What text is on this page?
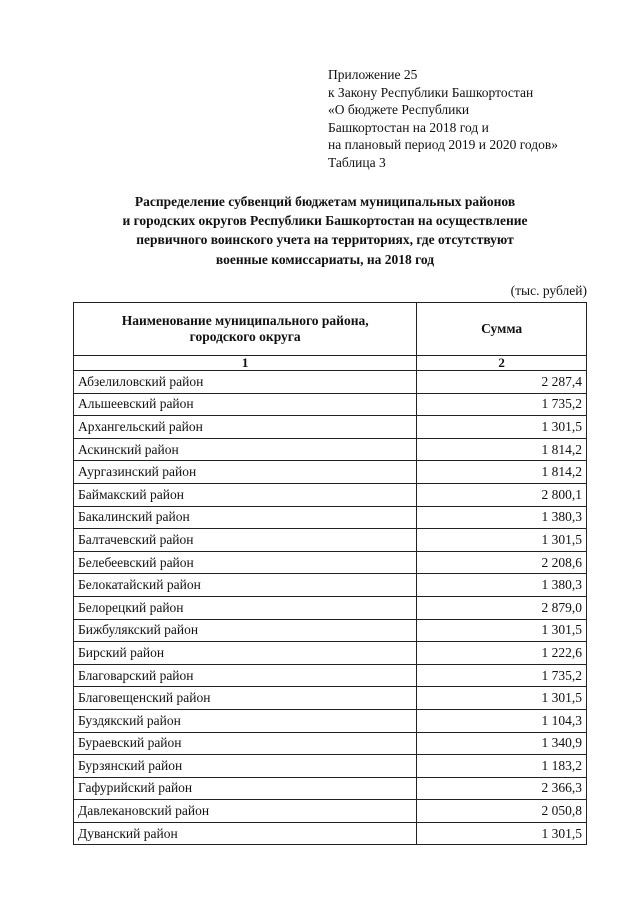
Приложение 25
к Закону Республики Башкортостан
«О бюджете Республики
Башкортостан на 2018 год и
на плановый период 2019 и 2020 годов»
Таблица 3
Распределение субвенций бюджетам муниципальных районов
и городских округов Республики Башкортостан на осуществление
первичного воинского учета на территориях, где отсутствуют
военные комиссариаты, на 2018 год
(тыс. рублей)
Наименование муниципального района,
городского округа	Сумма
1	2
Абзелиловский район	2 287,4
Альшеевский район	1 735,2
Архангельский район	1 301,5
Аскинский район	1 814,2
Аургазинский район	1 814,2
Баймакский район	2 800,1
Бакалинский район	1 380,3
Балтачевский район	1 301,5
Белебеевский район	2 208,6
Белокатайский район	1 380,3
Белорецкий район	2 879,0
Бижбулякский район	1 301,5
Бирский район	1 222,6
Благоварский район	1 735,2
Благовещенский район	1 301,5
Буздякский район	1 104,3
Бураевский район	1 340,9
Бурзянский район	1 183,2
Гафурийский район	2 366,3
Давлекановский район	2 050,8
Дуванский район	1 301,5
